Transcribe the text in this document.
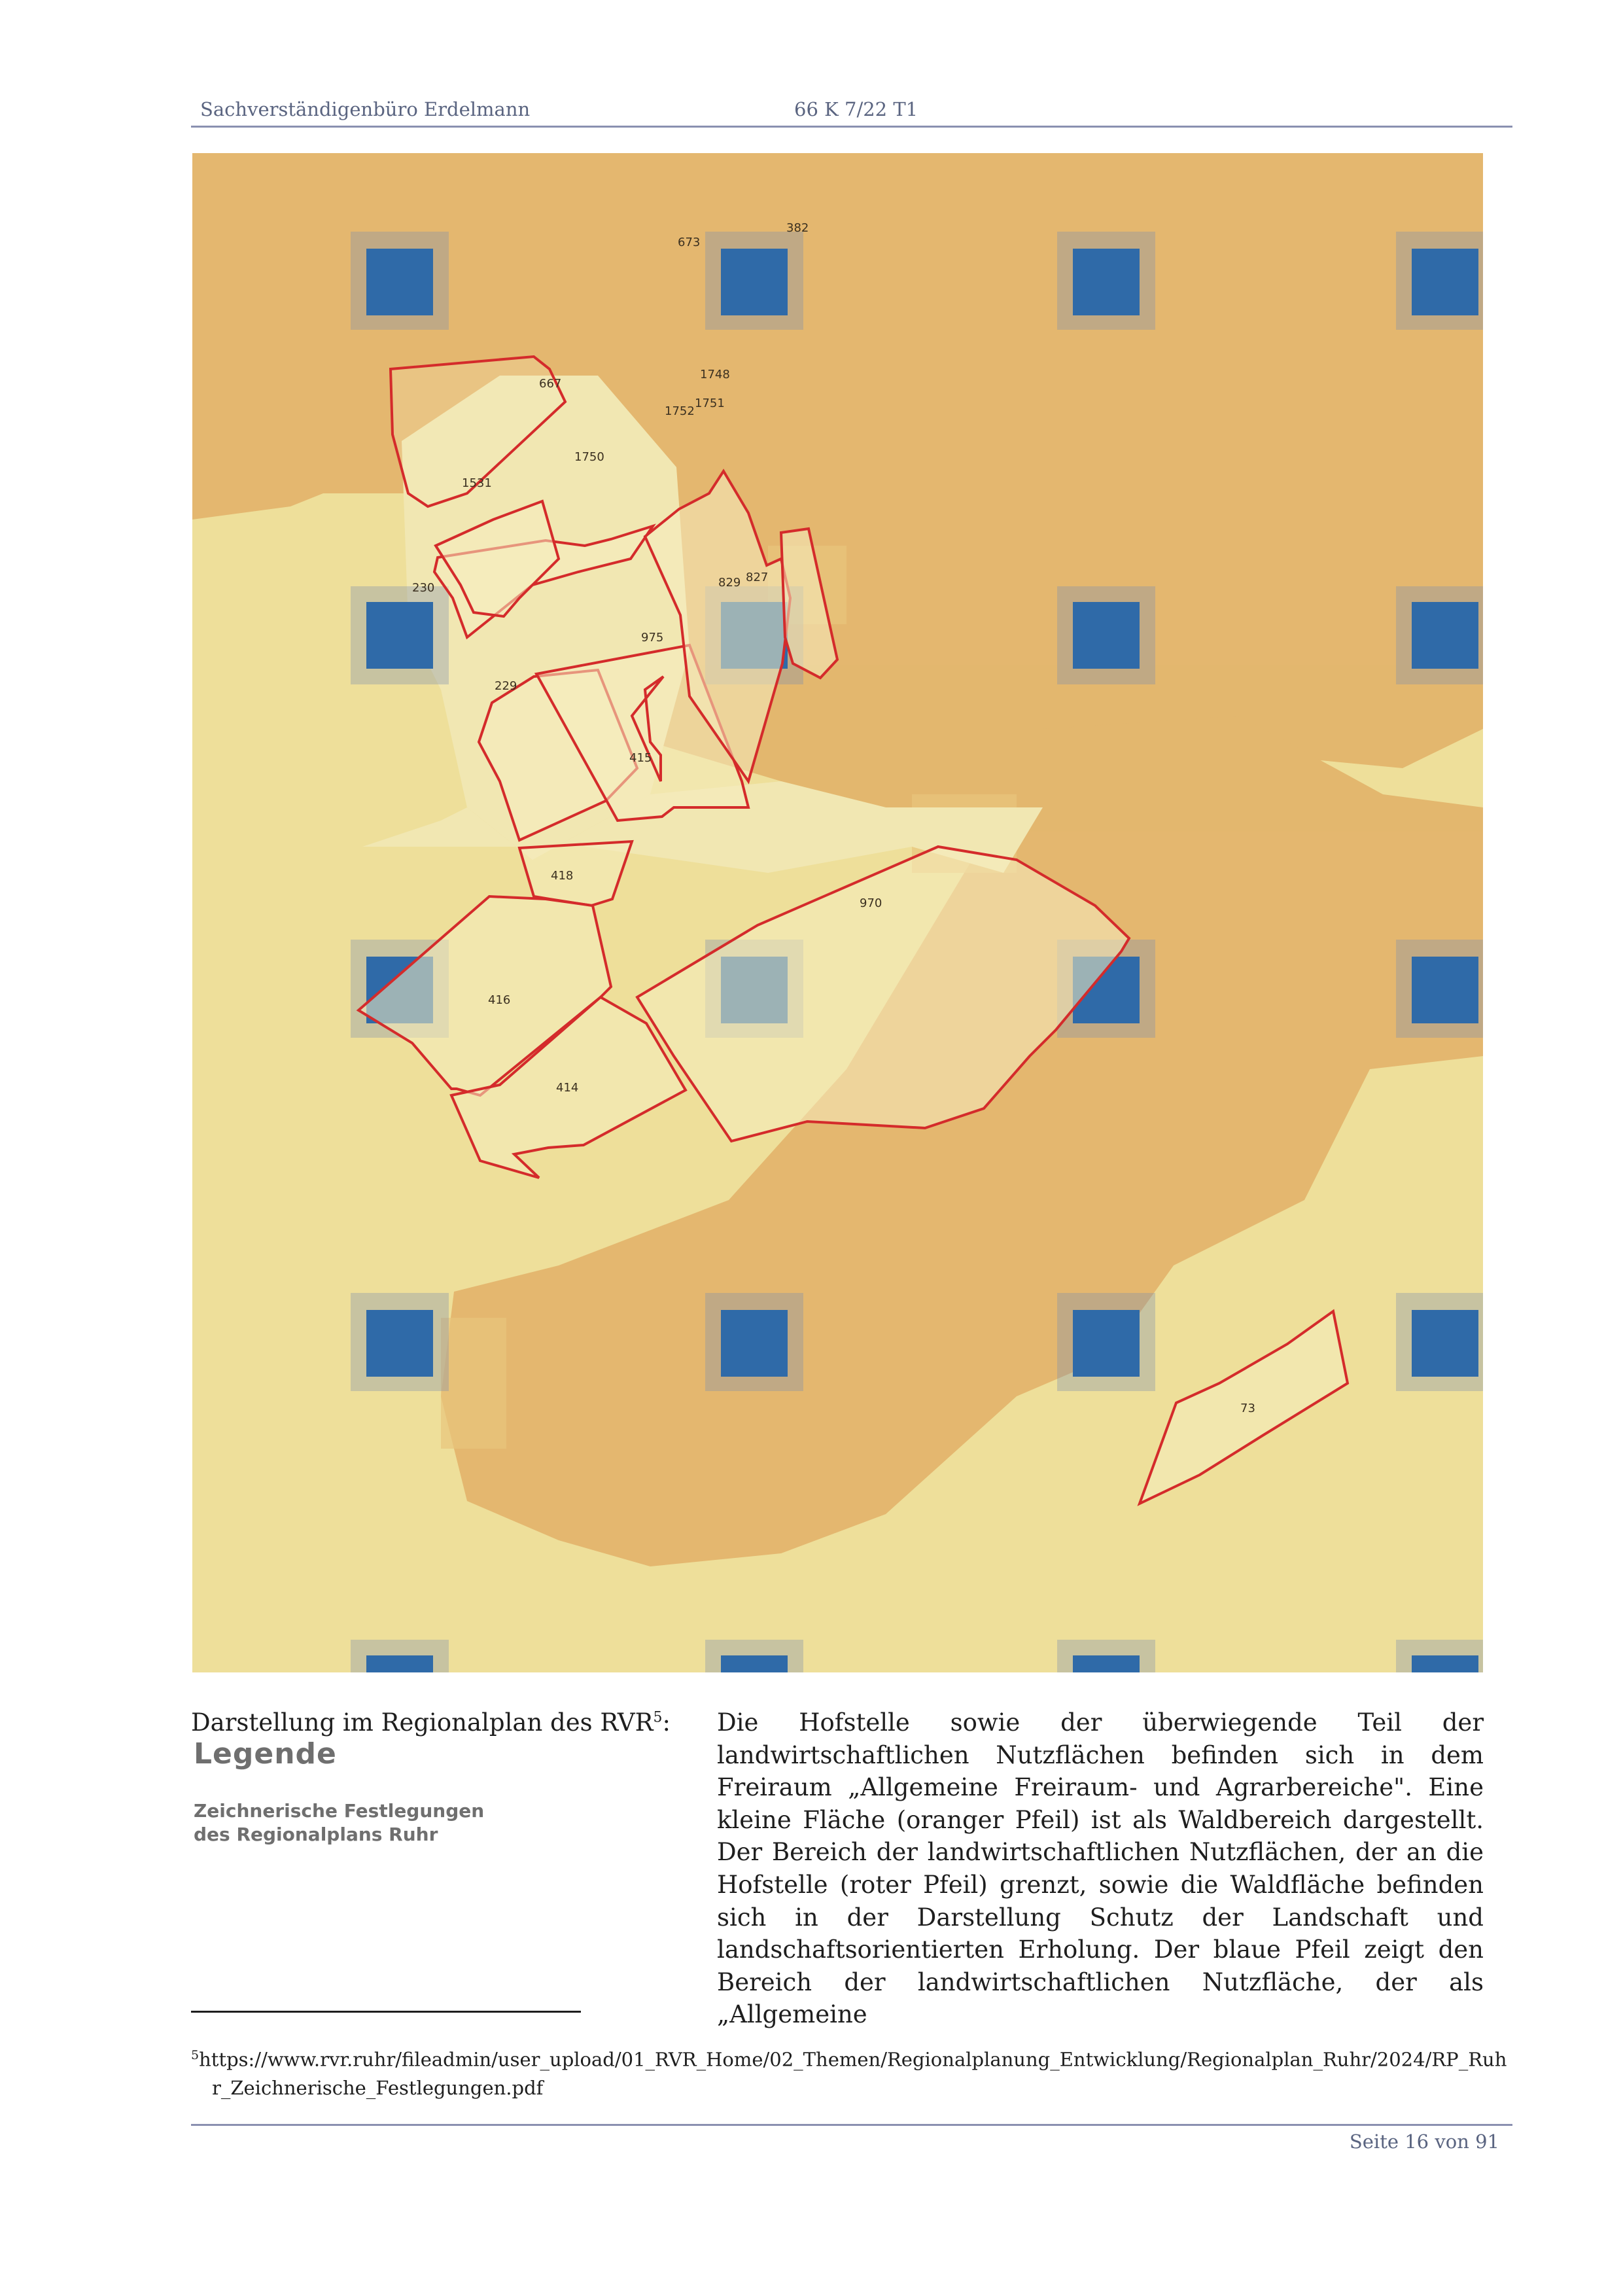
Sachverständigenbüro Erdelmann	66 K 7/22 T1
673
382
667
1748
1752
1751
1750
1531
230	829 827
975
229
415
418
970
416
414
73
Darstellung im Regionalplan des RVR$^5$:
Legende
Zeichnerische Festlegungen
des Regionalplans Ruhr
Die Hofstelle sowie der überwiegende Teil der landwirtschaftlichen Nutzflächen befinden sich in dem Freiraum „Allgemeine Freiraum- und Agrarbereiche". Eine kleine Fläche (oranger Pfeil) ist als Waldbereich dargestellt. Der Bereich der landwirtschaftlichen Nutzflächen, der an die Hofstelle (roter Pfeil) grenzt, sowie die Waldfläche befinden sich in der Darstellung Schutz der Landschaft und landschaftsorientierten Erholung. Der blaue Pfeil zeigt den Bereich der landwirtschaftlichen Nutzfläche, der als „Allgemeine
$^5$https://www.rvr.ruhr/fileadmin/user_upload/01_RVR_Home/02_Themen/Regionalplanung_Entwicklung/Regionalplan_Ruhr/2024/RP_Ruh
r_Zeichnerische_Festlegungen.pdf
Seite 16 von 91
